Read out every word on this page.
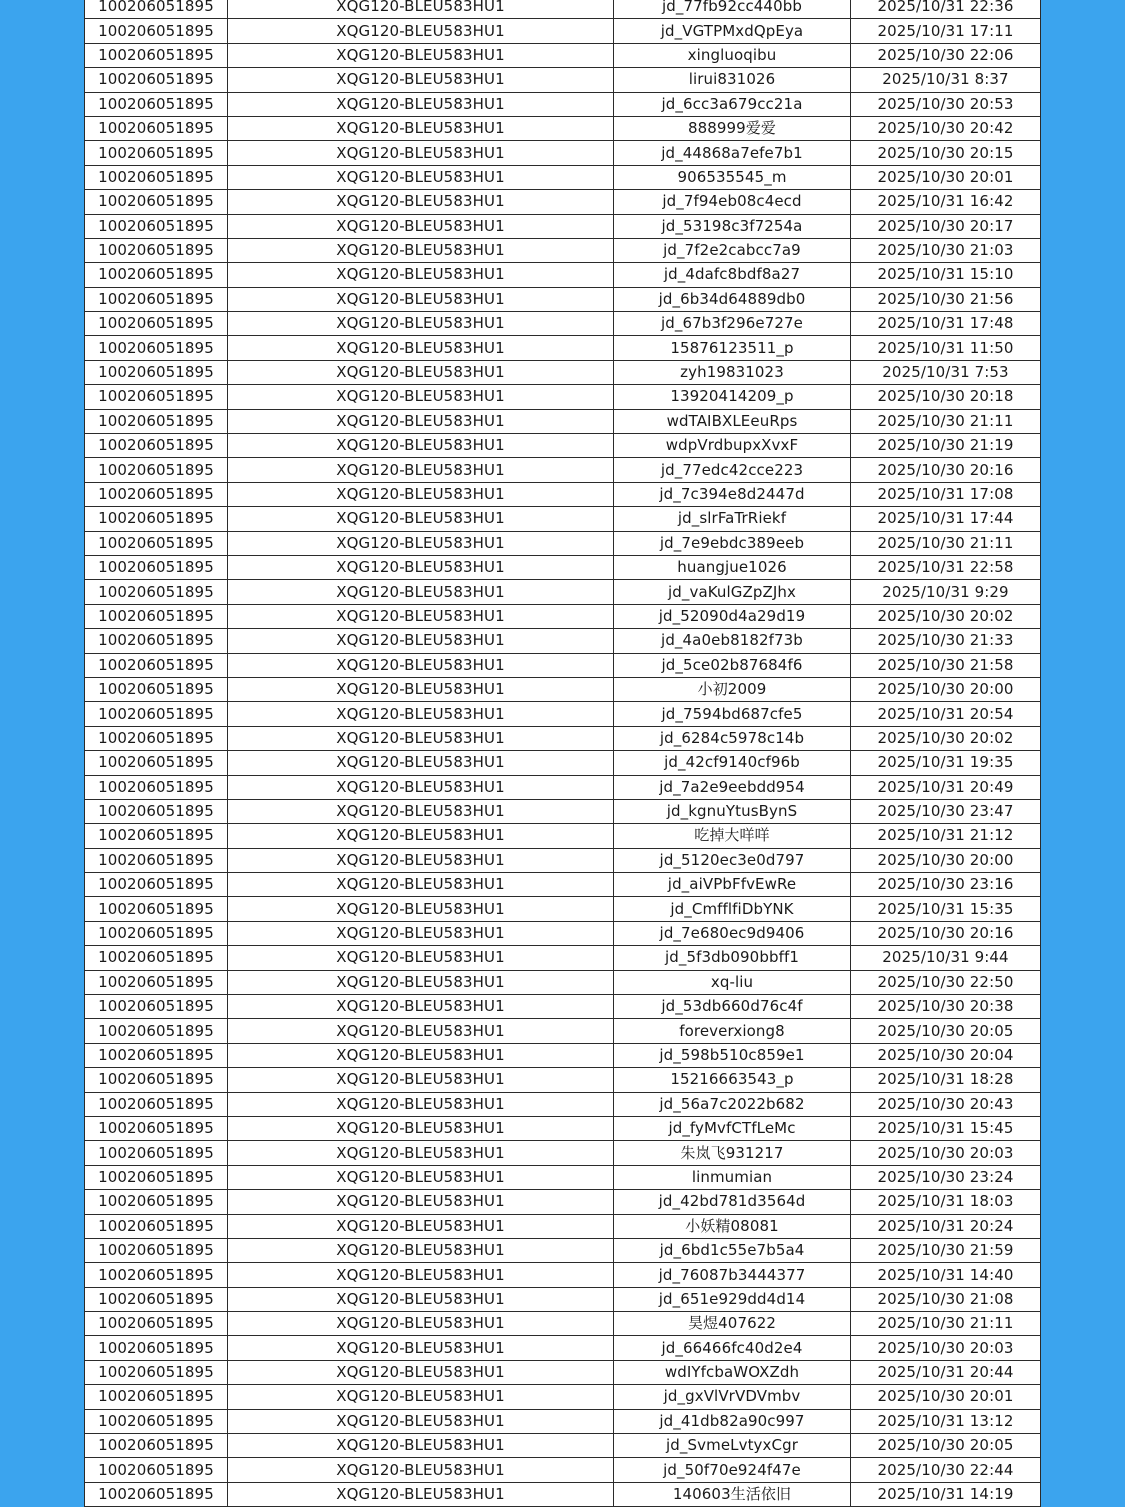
100206051895	XQG120-BLEU583HU1	jd_77fb92cc440bb	2025/10/31 22:36
100206051895	XQG120-BLEU583HU1	jd_VGTPMxdQpEya	2025/10/31 17:11
100206051895	XQG120-BLEU583HU1	xingluoqibu	2025/10/30 22:06
100206051895	XQG120-BLEU583HU1	lirui831026	2025/10/31 8:37
100206051895	XQG120-BLEU583HU1	jd_6cc3a679cc21a	2025/10/30 20:53
100206051895	XQG120-BLEU583HU1	888999爱爱	2025/10/30 20:42
100206051895	XQG120-BLEU583HU1	jd_44868a7efe7b1	2025/10/30 20:15
100206051895	XQG120-BLEU583HU1	906535545_m	2025/10/30 20:01
100206051895	XQG120-BLEU583HU1	jd_7f94eb08c4ecd	2025/10/31 16:42
100206051895	XQG120-BLEU583HU1	jd_53198c3f7254a	2025/10/30 20:17
100206051895	XQG120-BLEU583HU1	jd_7f2e2cabcc7a9	2025/10/30 21:03
100206051895	XQG120-BLEU583HU1	jd_4dafc8bdf8a27	2025/10/31 15:10
100206051895	XQG120-BLEU583HU1	jd_6b34d64889db0	2025/10/30 21:56
100206051895	XQG120-BLEU583HU1	jd_67b3f296e727e	2025/10/31 17:48
100206051895	XQG120-BLEU583HU1	15876123511_p	2025/10/31 11:50
100206051895	XQG120-BLEU583HU1	zyh19831023	2025/10/31 7:53
100206051895	XQG120-BLEU583HU1	13920414209_p	2025/10/30 20:18
100206051895	XQG120-BLEU583HU1	wdTAIBXLEeuRps	2025/10/30 21:11
100206051895	XQG120-BLEU583HU1	wdpVrdbupxXvxF	2025/10/30 21:19
100206051895	XQG120-BLEU583HU1	jd_77edc42cce223	2025/10/30 20:16
100206051895	XQG120-BLEU583HU1	jd_7c394e8d2447d	2025/10/31 17:08
100206051895	XQG120-BLEU583HU1	jd_slrFaTrRiekf	2025/10/31 17:44
100206051895	XQG120-BLEU583HU1	jd_7e9ebdc389eeb	2025/10/30 21:11
100206051895	XQG120-BLEU583HU1	huangjue1026	2025/10/31 22:58
100206051895	XQG120-BLEU583HU1	jd_vaKulGZpZJhx	2025/10/31 9:29
100206051895	XQG120-BLEU583HU1	jd_52090d4a29d19	2025/10/30 20:02
100206051895	XQG120-BLEU583HU1	jd_4a0eb8182f73b	2025/10/30 21:33
100206051895	XQG120-BLEU583HU1	jd_5ce02b87684f6	2025/10/30 21:58
100206051895	XQG120-BLEU583HU1	小初2009	2025/10/30 20:00
100206051895	XQG120-BLEU583HU1	jd_7594bd687cfe5	2025/10/31 20:54
100206051895	XQG120-BLEU583HU1	jd_6284c5978c14b	2025/10/30 20:02
100206051895	XQG120-BLEU583HU1	jd_42cf9140cf96b	2025/10/31 19:35
100206051895	XQG120-BLEU583HU1	jd_7a2e9eebdd954	2025/10/31 20:49
100206051895	XQG120-BLEU583HU1	jd_kgnuYtusBynS	2025/10/30 23:47
100206051895	XQG120-BLEU583HU1	吃掉大咩咩	2025/10/31 21:12
100206051895	XQG120-BLEU583HU1	jd_5120ec3e0d797	2025/10/30 20:00
100206051895	XQG120-BLEU583HU1	jd_aiVPbFfvEwRe	2025/10/30 23:16
100206051895	XQG120-BLEU583HU1	jd_CmfflfiDbYNK	2025/10/31 15:35
100206051895	XQG120-BLEU583HU1	jd_7e680ec9d9406	2025/10/30 20:16
100206051895	XQG120-BLEU583HU1	jd_5f3db090bbff1	2025/10/31 9:44
100206051895	XQG120-BLEU583HU1	xq-liu	2025/10/30 22:50
100206051895	XQG120-BLEU583HU1	jd_53db660d76c4f	2025/10/30 20:38
100206051895	XQG120-BLEU583HU1	foreverxiong8	2025/10/30 20:05
100206051895	XQG120-BLEU583HU1	jd_598b510c859e1	2025/10/30 20:04
100206051895	XQG120-BLEU583HU1	15216663543_p	2025/10/31 18:28
100206051895	XQG120-BLEU583HU1	jd_56a7c2022b682	2025/10/30 20:43
100206051895	XQG120-BLEU583HU1	jd_fyMvfCTfLeMc	2025/10/31 15:45
100206051895	XQG120-BLEU583HU1	朱岚飞931217	2025/10/30 20:03
100206051895	XQG120-BLEU583HU1	linmumian	2025/10/30 23:24
100206051895	XQG120-BLEU583HU1	jd_42bd781d3564d	2025/10/31 18:03
100206051895	XQG120-BLEU583HU1	小妖精08081	2025/10/31 20:24
100206051895	XQG120-BLEU583HU1	jd_6bd1c55e7b5a4	2025/10/30 21:59
100206051895	XQG120-BLEU583HU1	jd_76087b3444377	2025/10/31 14:40
100206051895	XQG120-BLEU583HU1	jd_651e929dd4d14	2025/10/30 21:08
100206051895	XQG120-BLEU583HU1	昊煜407622	2025/10/30 21:11
100206051895	XQG120-BLEU583HU1	jd_66466fc40d2e4	2025/10/30 20:03
100206051895	XQG120-BLEU583HU1	wdIYfcbaWOXZdh	2025/10/31 20:44
100206051895	XQG120-BLEU583HU1	jd_gxVlVrVDVmbv	2025/10/30 20:01
100206051895	XQG120-BLEU583HU1	jd_41db82a90c997	2025/10/31 13:12
100206051895	XQG120-BLEU583HU1	jd_SvmeLvtyxCgr	2025/10/30 20:05
100206051895	XQG120-BLEU583HU1	jd_50f70e924f47e	2025/10/30 22:44
100206051895	XQG120-BLEU583HU1	140603生活依旧	2025/10/31 14:19
